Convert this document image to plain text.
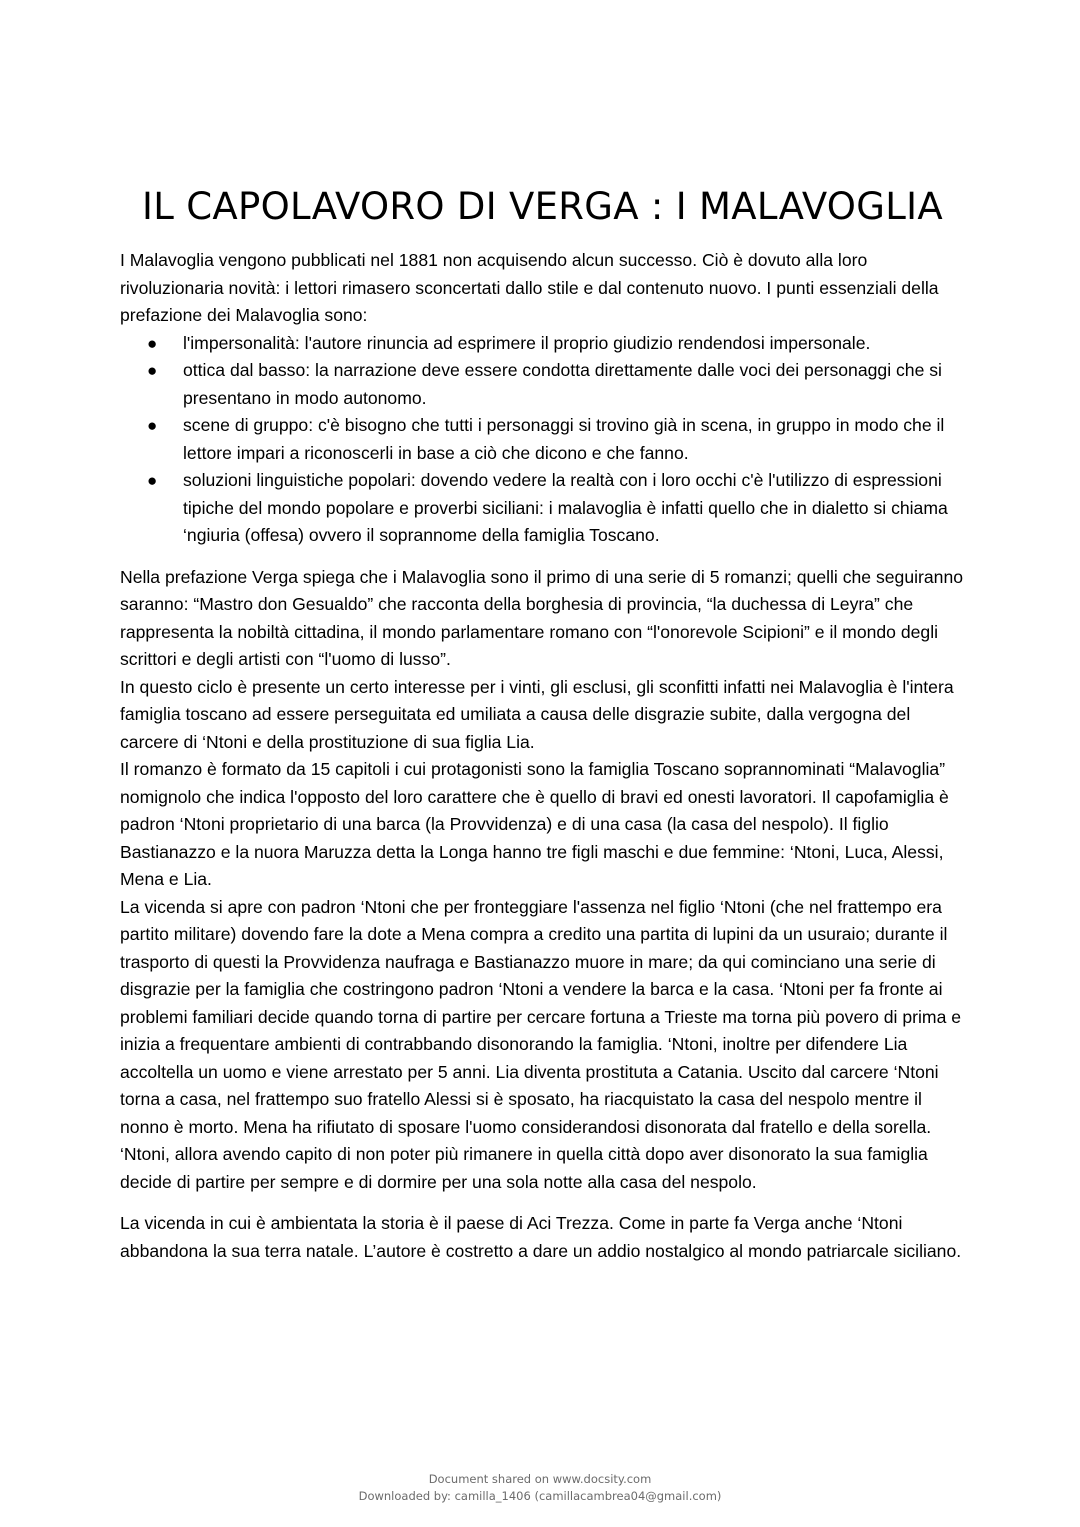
IL CAPOLAVORO DI VERGA : I MALAVOGLIA

I Malavoglia vengono pubblicati nel 1881 non acquisendo alcun successo. Ciò è dovuto alla loro rivoluzionaria novità: i lettori rimasero sconcertati dallo stile e dal contenuto nuovo. I punti essenziali della prefazione dei Malavoglia sono:

● l'impersonalità: l'autore rinuncia ad esprimere il proprio giudizio rendendosi impersonale.
● ottica dal basso: la narrazione deve essere condotta direttamente dalle voci dei personaggi che si presentano in modo autonomo.
● scene di gruppo: c'è bisogno che tutti i personaggi si trovino già in scena, in gruppo in modo che il lettore impari a riconoscerli in base a ciò che dicono e che fanno.
● soluzioni linguistiche popolari: dovendo vedere la realtà con i loro occhi c'è l'utilizzo di espressioni tipiche del mondo popolare e proverbi siciliani: i malavoglia è infatti quello che in dialetto si chiama ‘ngiuria (offesa) ovvero il soprannome della famiglia Toscano.

Nella prefazione Verga spiega che i Malavoglia sono il primo di una serie di 5 romanzi; quelli che seguiranno saranno: “Mastro don Gesualdo” che racconta della borghesia di provincia, “la duchessa di Leyra” che rappresenta la nobiltà cittadina, il mondo parlamentare romano con “l'onorevole Scipioni” e il mondo degli scrittori e degli artisti con “l'uomo di lusso”.

In questo ciclo è presente un certo interesse per i vinti, gli esclusi, gli sconfitti infatti nei Malavoglia è l'intera famiglia toscano ad essere perseguitata ed umiliata a causa delle disgrazie subite, dalla vergogna del carcere di ‘Ntoni e della prostituzione di sua figlia Lia.

Il romanzo è formato da 15 capitoli i cui protagonisti sono la famiglia Toscano soprannominati “Malavoglia” nomignolo che indica l'opposto del loro carattere che è quello di bravi ed onesti lavoratori. Il capofamiglia è padron ‘Ntoni proprietario di una barca (la Provvidenza) e di una casa (la casa del nespolo). Il figlio Bastianazzo e la nuora Maruzza detta la Longa hanno tre figli maschi e due femmine: ‘Ntoni, Luca, Alessi, Mena e Lia.

La vicenda si apre con padron ‘Ntoni che per fronteggiare l'assenza nel figlio ‘Ntoni (che nel frattempo era partito militare) dovendo fare la dote a Mena compra a credito una partita di lupini da un usuraio; durante il trasporto di questi la Provvidenza naufraga e Bastianazzo muore in mare; da qui cominciano una serie di disgrazie per la famiglia che costringono padron ‘Ntoni a vendere la barca e la casa. ‘Ntoni per fa fronte ai problemi familiari decide quando torna di partire per cercare fortuna a Trieste ma torna più povero di prima e inizia a frequentare ambienti di contrabbando disonorando la famiglia. ‘Ntoni, inoltre per difendere Lia accoltella un uomo e viene arrestato per 5 anni. Lia diventa prostituta a Catania. Uscito dal carcere ‘Ntoni torna a casa, nel frattempo suo fratello Alessi si è sposato, ha riacquistato la casa del nespolo mentre il nonno è morto. Mena ha rifiutato di sposare l'uomo considerandosi disonorata dal fratello e della sorella. ‘Ntoni, allora avendo capito di non poter più rimanere in quella città dopo aver disonorato la sua famiglia decide di partire per sempre e di dormire per una sola notte alla casa del nespolo.

La vicenda in cui è ambientata la storia è il paese di Aci Trezza. Come in parte fa Verga anche ‘Ntoni abbandona la sua terra natale. L’autore è costretto a dare un addio nostalgico al mondo patriarcale siciliano.

Document shared on www.docsity.com
Downloaded by: camilla_1406 (camillacambrea04@gmail.com)
